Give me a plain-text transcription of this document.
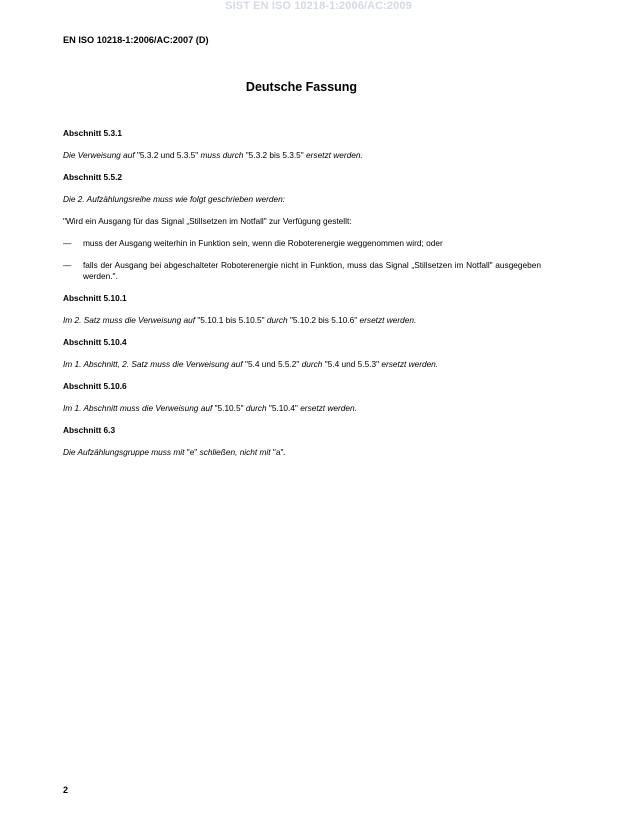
SIST EN ISO 10218-1:2006/AC:2009
EN ISO 10218-1:2006/AC:2007 (D)
Deutsche Fassung
Abschnitt 5.3.1
Die Verweisung auf "5.3.2 und 5.3.5" muss durch "5.3.2 bis 5.3.5" ersetzt werden.
Abschnitt 5.5.2
Die 2. Aufzählungsreihe muss wie folgt geschrieben werden:
"Wird ein Ausgang für das Signal „Stillsetzen im Notfall" zur Verfügung gestellt:
—	muss der Ausgang weiterhin in Funktion sein, wenn die Roboterenergie weggenommen wird; oder
—	falls der Ausgang bei abgeschalteter Roboterenergie nicht in Funktion, muss das Signal „Stillsetzen im Notfall" ausgegeben werden.".
Abschnitt 5.10.1
Im 2. Satz muss die Verweisung auf "5.10.1 bis 5.10.5" durch "5.10.2 bis 5.10.6" ersetzt werden.
Abschnitt 5.10.4
Im 1. Abschnitt, 2. Satz muss die Verweisung auf "5.4 und 5.5.2" durch "5.4 und 5.5.3" ersetzt werden.
Abschnitt 5.10.6
Im 1. Abschnitt muss die Verweisung auf "5.10.5" durch "5.10.4" ersetzt werden.
Abschnitt 6.3
Die Aufzählungsgruppe muss mit "e" schließen, nicht mit "a".
2
